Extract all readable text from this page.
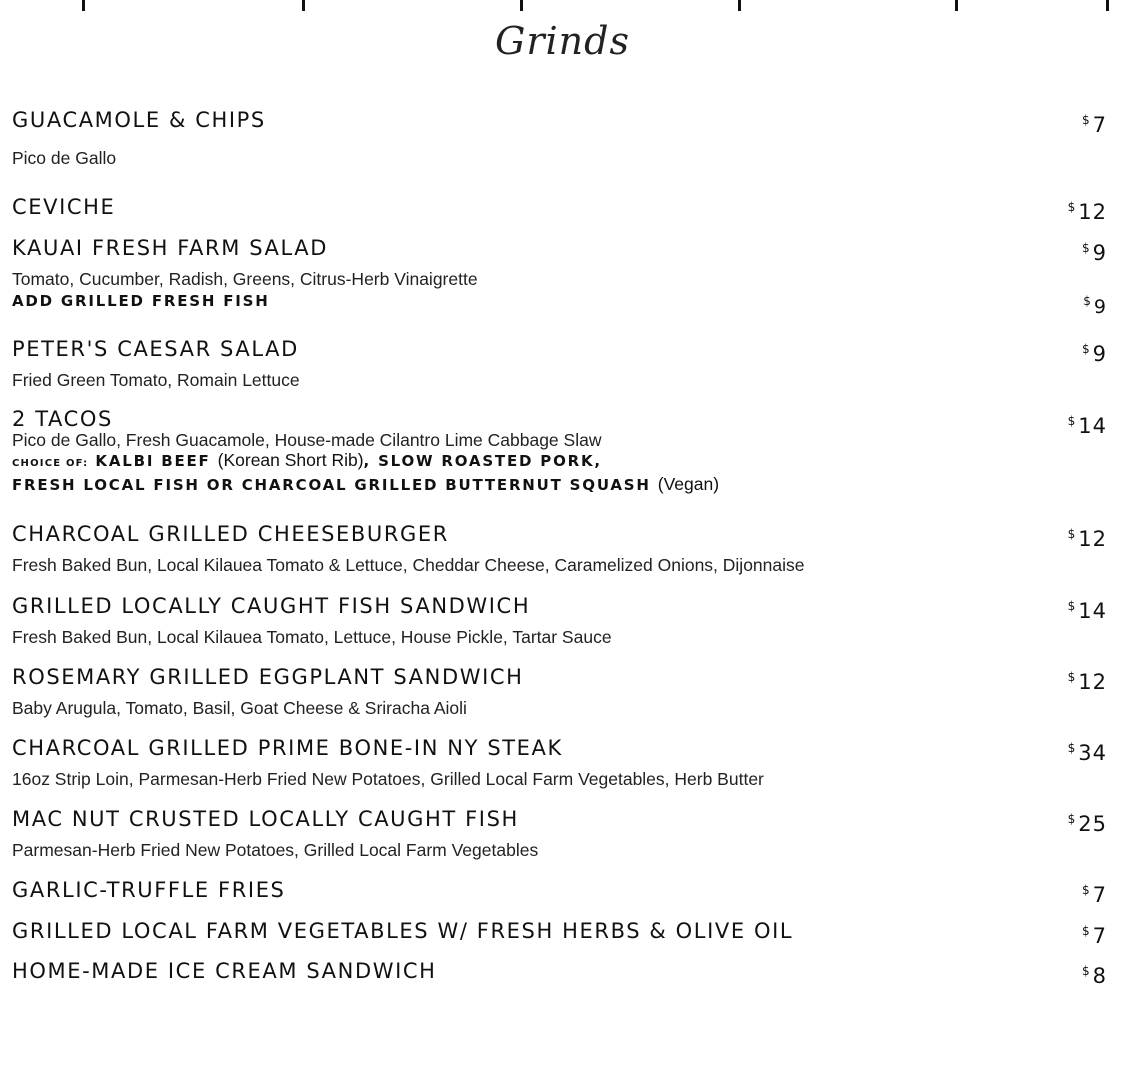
Grinds
GUACAMOLE & CHIPS	$7
Pico de Gallo
CEVICHE	$12
KAUAI FRESH FARM SALAD	$9
Tomato, Cucumber, Radish, Greens, Citrus-Herb Vinaigrette
ADD GRILLED FRESH FISH	$ 9
PETER'S CAESAR SALAD	$9
Fried Green Tomato, Romain Lettuce
2 TACOS	$14
Pico de Gallo, Fresh Guacamole, House-made Cilantro Lime Cabbage Slaw
CHOICE OF: KALBI BEEF (Korean Short Rib), SLOW ROASTED PORK,
FRESH LOCAL FISH OR CHARCOAL GRILLED BUTTERNUT SQUASH (Vegan)
CHARCOAL GRILLED CHEESEBURGER	$12
Fresh Baked Bun, Local Kilauea Tomato & Lettuce, Cheddar Cheese, Caramelized Onions, Dijonnaise
GRILLED LOCALLY CAUGHT FISH SANDWICH	$14
Fresh Baked Bun, Local Kilauea Tomato, Lettuce, House Pickle, Tartar Sauce
ROSEMARY GRILLED EGGPLANT SANDWICH	$12
Baby Arugula, Tomato, Basil, Goat Cheese & Sriracha Aioli
CHARCOAL GRILLED PRIME BONE-IN NY STEAK	$34
16oz Strip Loin, Parmesan-Herb Fried New Potatoes, Grilled Local Farm Vegetables, Herb Butter
MAC NUT CRUSTED LOCALLY CAUGHT FISH	$25
Parmesan-Herb Fried New Potatoes, Grilled Local Farm Vegetables
GARLIC-TRUFFLE FRIES	$7
GRILLED LOCAL FARM VEGETABLES W/ FRESH HERBS & OLIVE OIL	$7
HOME-MADE ICE CREAM SANDWICH	$8
